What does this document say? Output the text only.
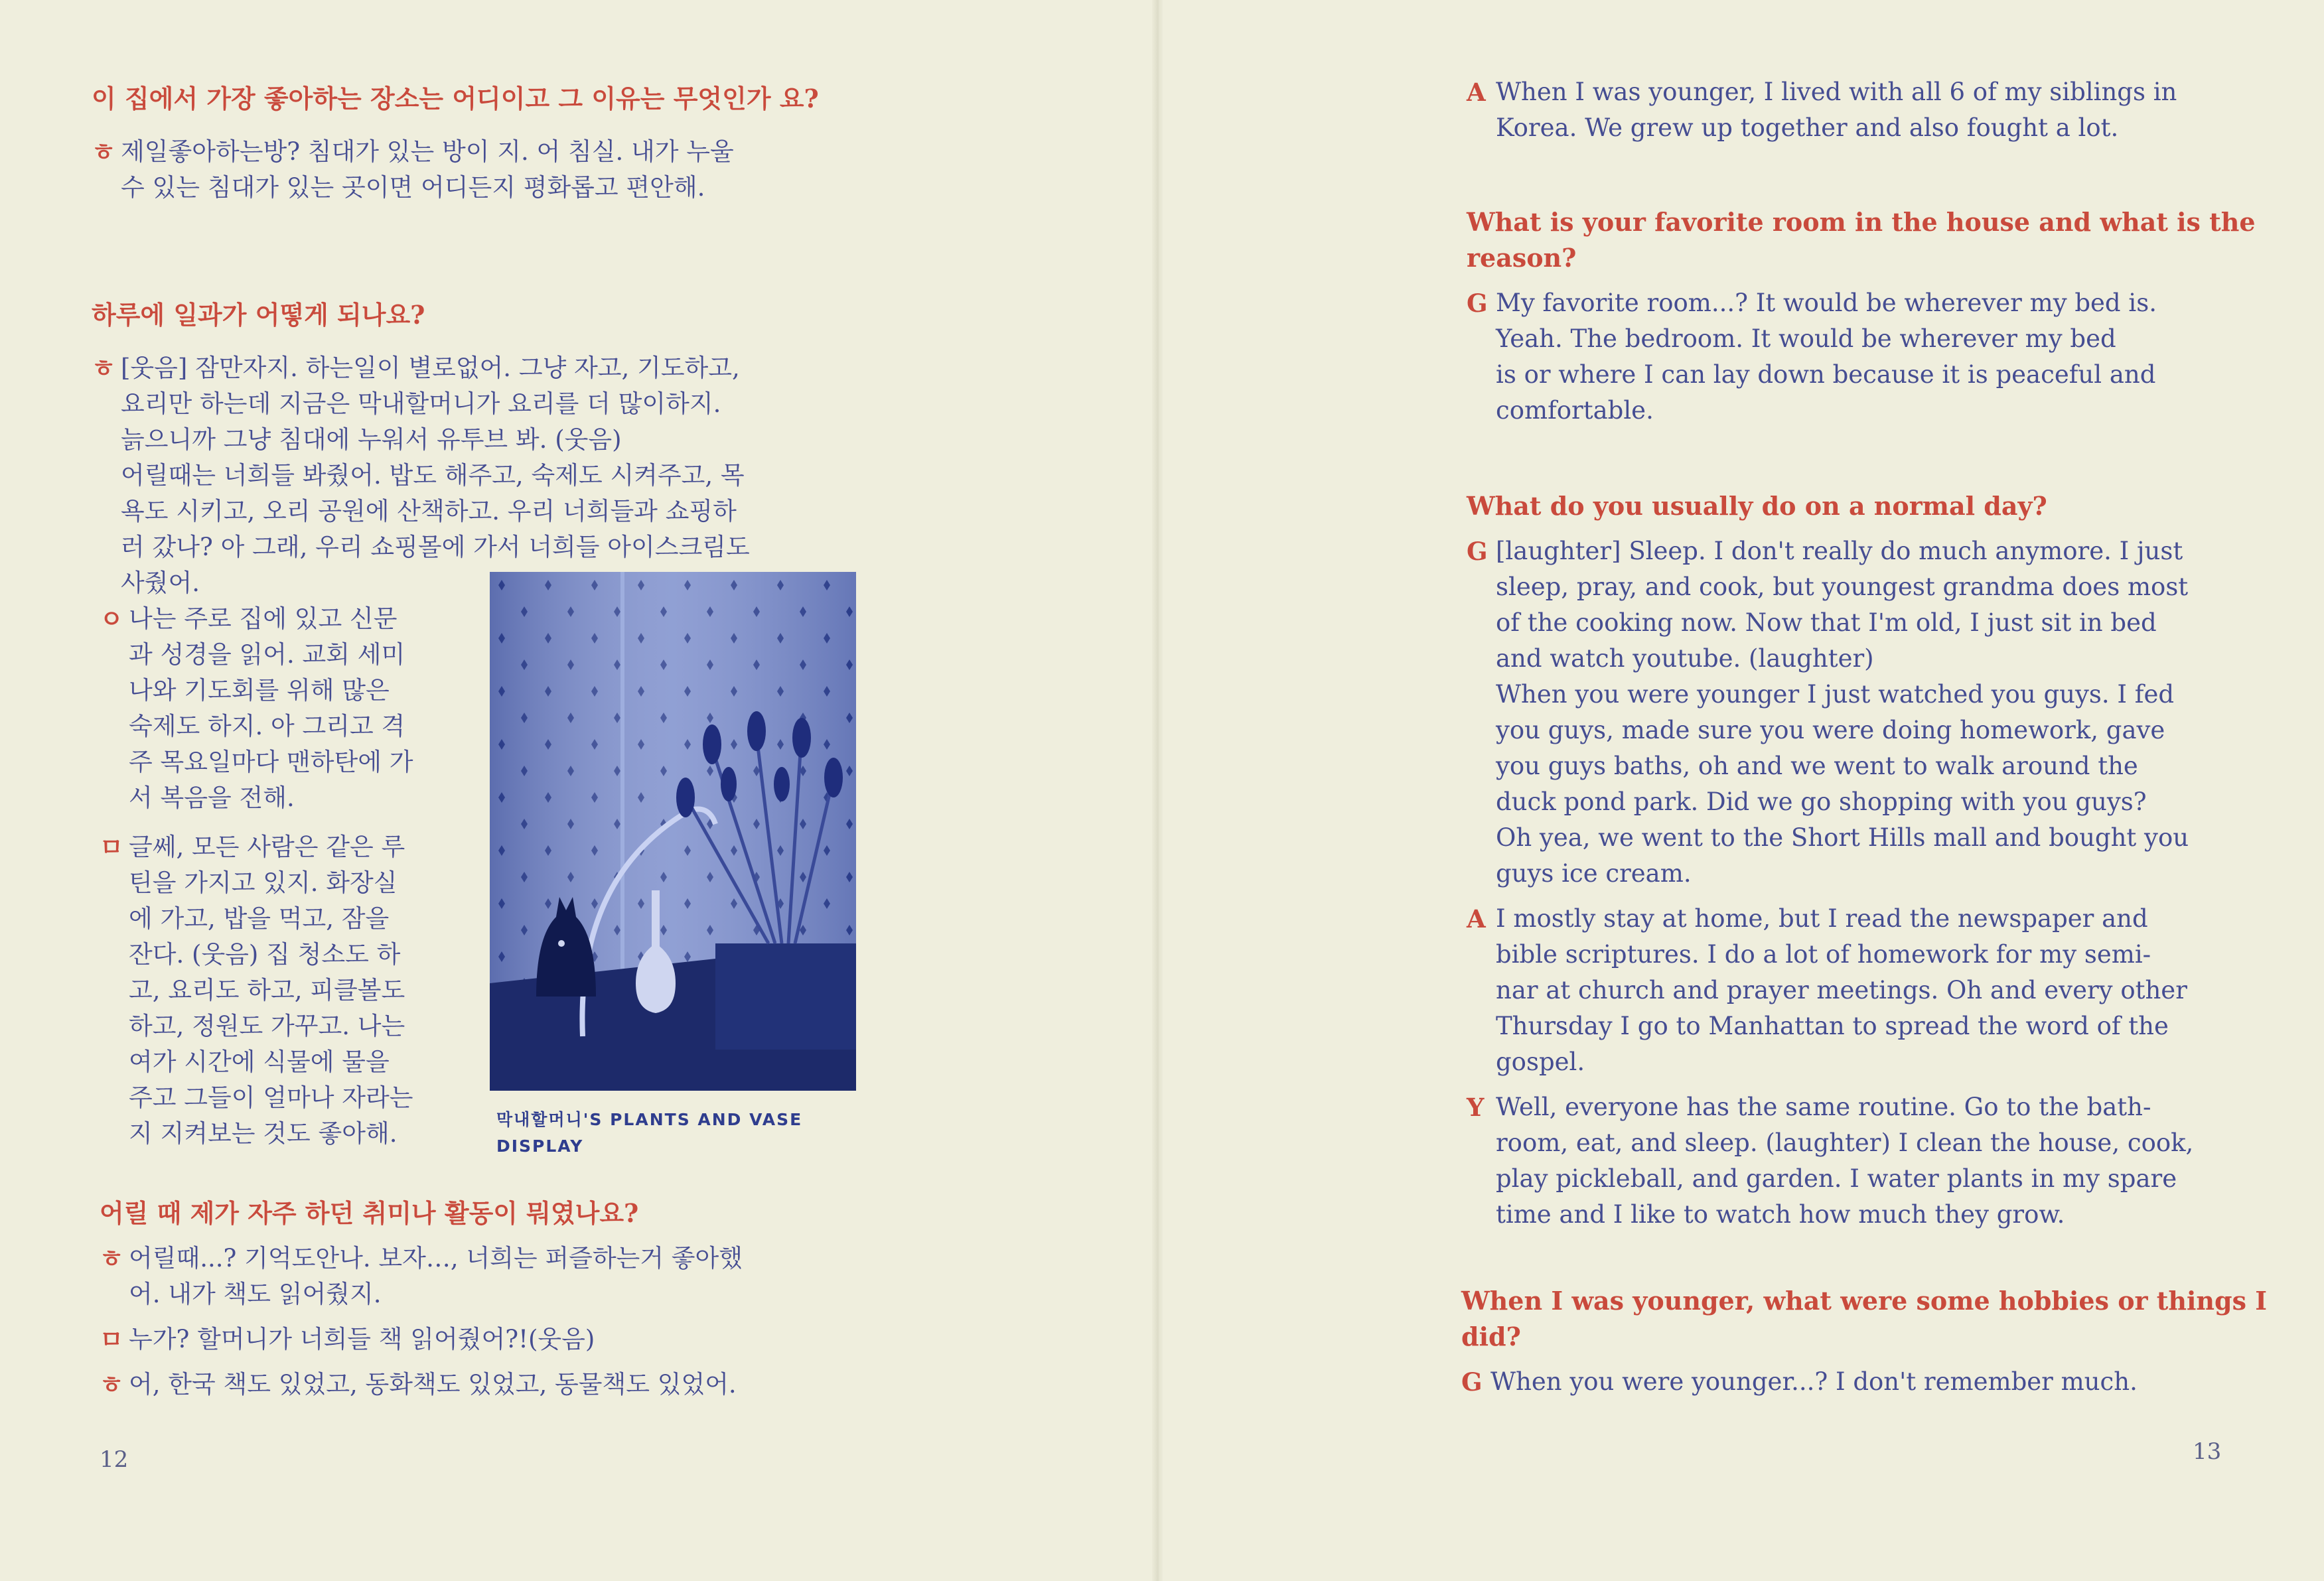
이 집에서 가장 좋아하는 장소는 어디이고 그 이유는 무엇인가 요?

ㅎ 제일좋아하는방? 침대가 있는 방이 지. 어 침실. 내가 누울
수 있는 침대가 있는 곳이면 어디든지 평화롭고 편안해.

하루에 일과가 어떻게 되나요?

ㅎ [웃음] 잠만자지. 하는일이 별로없어. 그냥 자고, 기도하고,
요리만 하는데 지금은 막내할머니가 요리를 더 많이하지.
늙으니까 그냥 침대에 누워서 유투브 봐. (웃음)
어릴때는 너희들 봐줬어. 밥도 해주고, 숙제도 시켜주고, 목
욕도 시키고, 오리 공원에 산책하고. 우리 너희들과 쇼핑하
러 갔나? 아 그래, 우리 쇼핑몰에 가서 너희들 아이스크림도
사줬어.

ㅇ 나는 주로 집에 있고 신문
과 성경을 읽어. 교회 세미
나와 기도회를 위해 많은
숙제도 하지. 아 그리고 격
주 목요일마다 맨하탄에 가
서 복음을 전해.

ㅁ 글쎄, 모든 사람은 같은 루
틴을 가지고 있지. 화장실
에 가고, 밥을 먹고, 잠을
잔다. (웃음) 집 청소도 하
고, 요리도 하고, 피클볼도
하고, 정원도 가꾸고. 나는
여가 시간에 식물에 물을
주고 그들이 얼마나 자라는
지 지켜보는 것도 좋아해.	막내할머니'S PLANTS AND VASE DISPLAY

어릴 때 제가 자주 하던 취미나 활동이 뭐였나요?

ㅎ 어릴때...? 기억도안나. 보자…, 너희는 퍼즐하는거 좋아했
어. 내가 책도 읽어줬지.

ㅁ 누가? 할머니가 너희들 책 읽어줬어?!(웃음)

ㅎ 어, 한국 책도 있었고, 동화책도 있었고, 동물책도 있었어.

12

A When I was younger, I lived with all 6 of my siblings in
Korea. We grew up together and also fought a lot.

What is your favorite room in the house and what is the reason?

G My favorite room...? It would be wherever my bed is.
Yeah. The bedroom. It would be wherever my bed
is or where I can lay down because it is peaceful and
comfortable.

What do you usually do on a normal day?

G [laughter] Sleep. I don't really do much anymore. I just
sleep, pray, and cook, but youngest grandma does most
of the cooking now. Now that I'm old, I just sit in bed
and watch youtube. (laughter)
When you were younger I just watched you guys. I fed
you guys, made sure you were doing homework, gave
you guys baths, oh and we went to walk around the
duck pond park. Did we go shopping with you guys?
Oh yea, we went to the Short Hills mall and bought you
guys ice cream.

A I mostly stay at home, but I read the newspaper and
bible scriptures. I do a lot of homework for my semi-
nar at church and prayer meetings. Oh and every other
Thursday I go to Manhattan to spread the word of the
gospel.

Y Well, everyone has the same routine. Go to the bath-
room, eat, and sleep. (laughter) I clean the house, cook,
play pickleball, and garden. I water plants in my spare
time and I like to watch how much they grow.

When I was younger, what were some hobbies or things I did?

G When you were younger...? I don't remember much.

13
